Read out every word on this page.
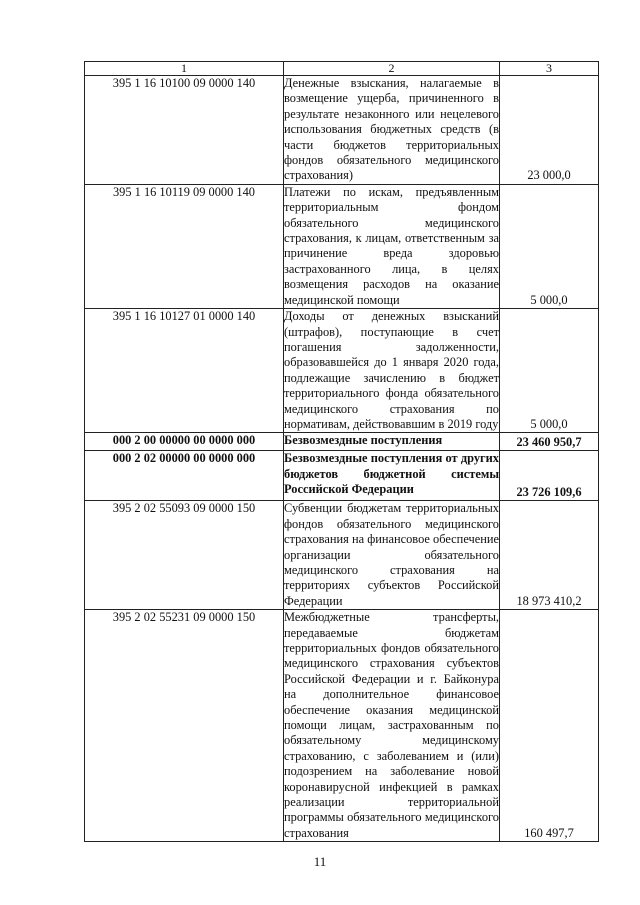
1	2	3
395 1 16 10100 09 0000 140	Денежные взыскания, налагаемые в возмещение ущерба, причиненного в результате незаконного или нецелевого использования бюджетных средств (в части бюджетов территориальных фондов обязательного медицинского страхования)	23 000,0
395 1 16 10119 09 0000 140	Платежи по искам, предъявленным территориальным фондом обязательного медицинского страхования, к лицам, ответственным за причинение вреда здоровью застрахованного лица, в целях возмещения расходов на оказание медицинской помощи	5 000,0
395 1 16 10127 01 0000 140	Доходы от денежных взысканий (штрафов), поступающие в счет погашения задолженности, образовавшейся до 1 января 2020 года, подлежащие зачислению в бюджет территориального фонда обязательного медицинского страхования по нормативам, действовавшим в 2019 году	5 000,0
000 2 00 00000 00 0000 000	Безвозмездные поступления	23 460 950,7
000 2 02 00000 00 0000 000	Безвозмездные поступления от других бюджетов бюджетной системы Российской Федерации	23 726 109,6
395 2 02 55093 09 0000 150	Субвенции бюджетам территориальных фондов обязательного медицинского страхования на финансовое обеспечение организации обязательного медицинского страхования на территориях субъектов Российской Федерации	18 973 410,2
395 2 02 55231 09 0000 150	Межбюджетные трансферты, передаваемые бюджетам территориальных фондов обязательного медицинского страхования субъектов Российской Федерации и г. Байконура на дополнительное финансовое обеспечение оказания медицинской помощи лицам, застрахованным по обязательному медицинскому страхованию, с заболеванием и (или) подозрением на заболевание новой коронавирусной инфекцией в рамках реализации территориальной программы обязательного медицинского страхования	160 497,7
11
